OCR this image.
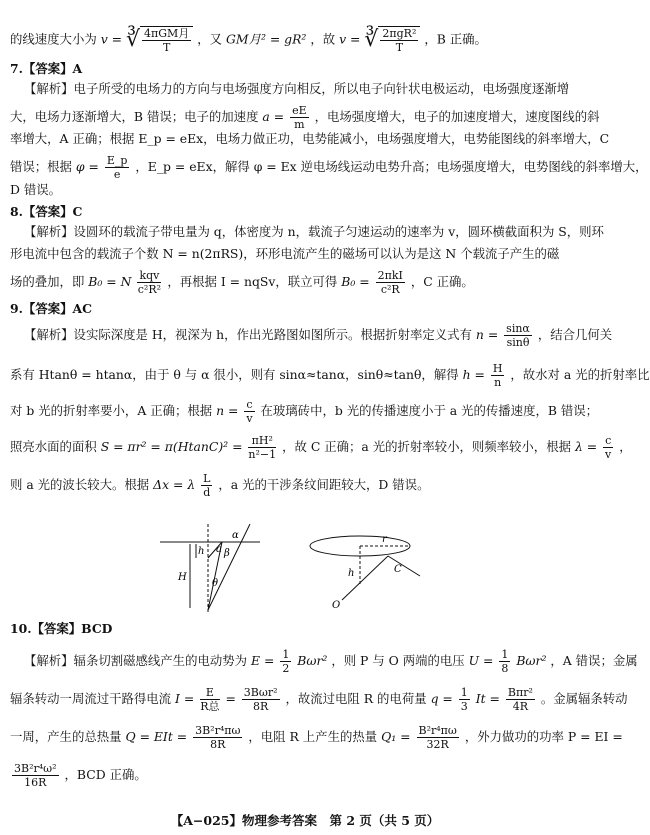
的线速度大小为 v = ∛ $\frac{\text{4πGM月}}{T}$ ，又 GM月² = gR² ，故 v = ∛ $\frac{\text{2πgR²}}{T}$ ，B 正确。
7.【答案】A
【解析】电子所受的电场力的方向与电场强度方向相反，所以电子向针状电极运动，电场强度逐渐增
大，电场力逐渐增大，B 错误；电子的加速度 $a = \frac{eE}{m}$ ，电场强度增大，电子的加速度增大，速度图线的斜
率增大，A 正确；根据 E_p = eEx，电场力做正功，电势能减小，电场强度增大，电势能图线的斜率增大，C
错误；根据 $\varphi = \frac{E\_p}{e}$ ，E_p = eEx，解得 φ = Ex 逆电场线运动电势升高；电场强度增大，电势图线的斜率增大，
D 错误。
8.【答案】C
【解析】设圆环的载流子带电量为 q，体密度为 n，载流子匀速运动的速率为 v，圆环横截面积为 S，则环
形电流中包含的载流子个数 N = n(2πRS)，环形电流产生的磁场可以认为是这 N 个载流子产生的磁
场的叠加，即 B₀ = N $\frac{\text{kqv}}{\text{c²R²}}$ ，再根据 I = nqSv，联立可得 $B_0 = \frac{\text{2πkI}}{\text{c²R}}$ ，C 正确。
9.【答案】AC
【解析】设实际深度是 H，视深为 h，作出光路图如图所示。根据折射率定义式有 $n = \frac{\sin\alpha}{\sin\theta}$ ，结合几何关
系有 Htanθ = htanα，由于 θ 与 α 很小，则有 sinα≈tanα，sinθ≈tanθ，解得 $h = \frac{H}{n}$ ，故水对 a 光的折射率比
对 b 光的折射率要小，A 正确；根据 $n = \frac{c}{v}$ 在玻璃砖中，b 光的传播速度小于 a 光的传播速度，B 错误；
照亮水面的面积 $S = \pi r^2 = \pi(HtanC)^2 = \frac{\text{πH²}}{\text{n²−1}}$ ，故 C 正确；a 光的折射率较小，则频率较小，根据 $\lambda = \frac{c}{v}$ ，
则 a 光的波长较大。根据 Δx = λ $\frac{L}{d}$ ，a 光的干涉条纹间距较大，D 错误。
α
h a β
H
θ
r
h	C
O
10.【答案】BCD
【解析】辐条切割磁感线产生的电动势为 $E = \frac{1}{2} B\omega r^2$ ，则 P 与 O 两端的电压 $U = \frac{1}{8} B\omega r^2$ ，A 错误；金属
辐条转动一周流过干路得电流 $I = \frac{E}{\text{R总}} = \frac{\text{3Bωr²}}{8R}$ ，故流过电阻 R 的电荷量 $q = \frac{1}{3}$ $It = \frac{\text{Bπr²}}{4R}$ 。金属辐条转动
一周，产生的总热量 Q = EIt = $\frac{\text{3B²r⁴πω}}{8R}$ ，电阻 R 上产生的热量 $Q_1 = \frac{\text{B²r⁴πω}}{32R}$ ，外力做功的功率 P = EI =
$\frac{\text{3B²r⁴ω²}}{16R}$ ，BCD 正确。
【A−025】物理参考答案　第 2 页（共 5 页）
